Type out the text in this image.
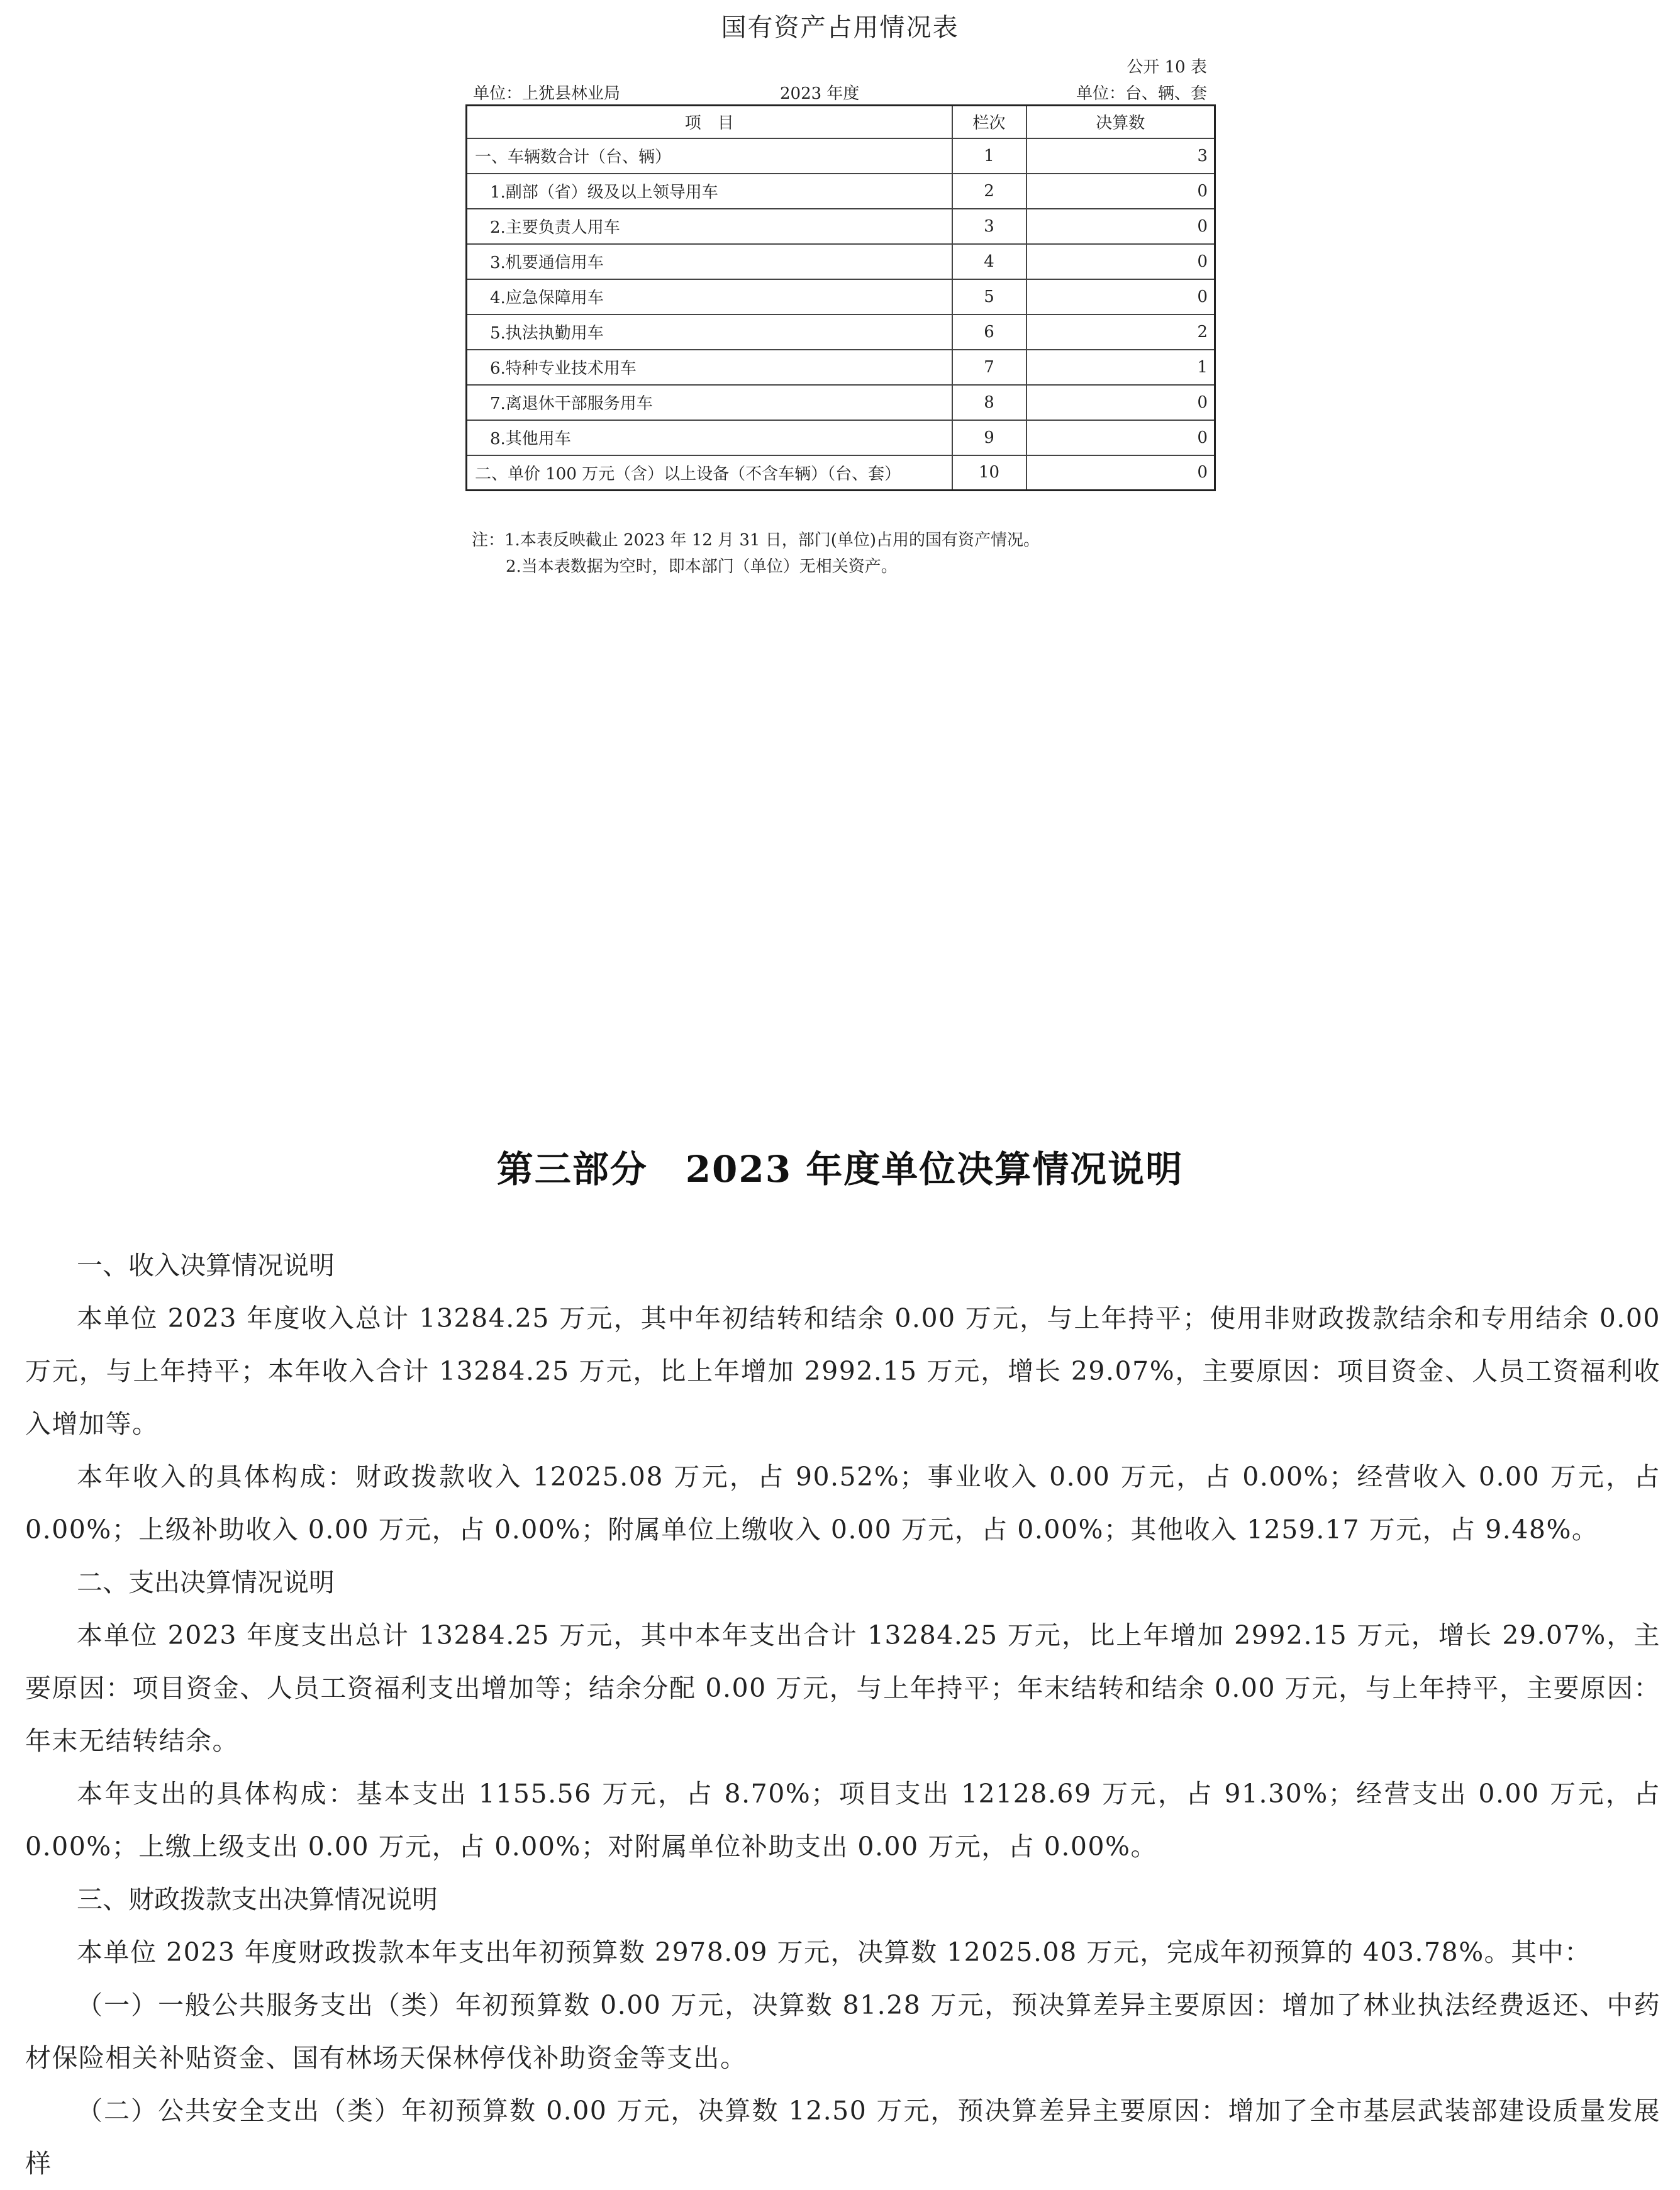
国有资产占用情况表
公开 10 表
单位：上犹县林业局	2023 年度	单位：台、辆、套
项　目	栏次	决算数
一、车辆数合计（台、辆）	1	3
1.副部（省）级及以上领导用车	2	0
2.主要负责人用车	3	0
3.机要通信用车	4	0
4.应急保障用车	5	0
5.执法执勤用车	6	2
6.特种专业技术用车	7	1
7.离退休干部服务用车	8	0
8.其他用车	9	0
二、单价 100 万元（含）以上设备（不含车辆）（台、套）	10	0
注：1.本表反映截止 2023 年 12 月 31 日，部门(单位)占用的国有资产情况。
2.当本表数据为空时，即本部门（单位）无相关资产。
第三部分　2023 年度单位决算情况说明
一、收入决算情况说明

本单位 2023 年度收入总计 13284.25 万元，其中年初结转和结余 0.00 万元，与上年持平；使用非财政拨款结余和专用结余 0.00 万元，与上年持平；本年收入合计 13284.25 万元，比上年增加 2992.15 万元，增长 29.07%，主要原因：项目资金、人员工资福利收入增加等。

本年收入的具体构成：财政拨款收入 12025.08 万元，占 90.52%；事业收入 0.00 万元，占 0.00%；经营收入 0.00 万元，占 0.00%；上级补助收入 0.00 万元，占 0.00%；附属单位上缴收入 0.00 万元，占 0.00%；其他收入 1259.17 万元，占 9.48%。

二、支出决算情况说明

本单位 2023 年度支出总计 13284.25 万元，其中本年支出合计 13284.25 万元，比上年增加 2992.15 万元，增长 29.07%，主要原因：项目资金、人员工资福利支出增加等；结余分配 0.00 万元，与上年持平；年末结转和结余 0.00 万元，与上年持平，主要原因：年末无结转结余。

本年支出的具体构成：基本支出 1155.56 万元，占 8.70%；项目支出 12128.69 万元，占 91.30%；经营支出 0.00 万元，占 0.00%；上缴上级支出 0.00 万元，占 0.00%；对附属单位补助支出 0.00 万元，占 0.00%。

三、财政拨款支出决算情况说明

本单位 2023 年度财政拨款本年支出年初预算数 2978.09 万元，决算数 12025.08 万元，完成年初预算的 403.78%。其中：

（一）一般公共服务支出（类）年初预算数 0.00 万元，决算数 81.28 万元，预决算差异主要原因：增加了林业执法经费返还、中药材保险相关补贴资金、国有林场天保林停伐补助资金等支出。

（二）公共安全支出（类）年初预算数 0.00 万元，决算数 12.50 万元，预决算差异主要原因：增加了全市基层武装部建设质量发展样
